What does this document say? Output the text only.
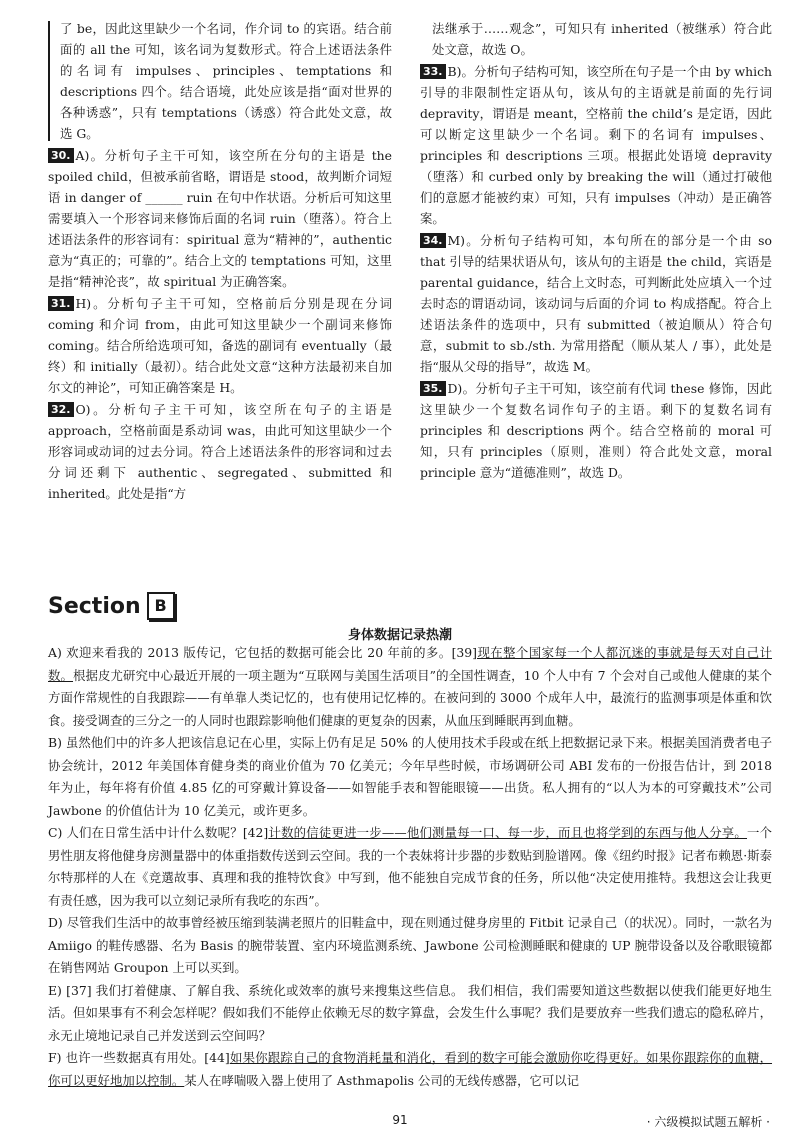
了 be，因此这里缺少一个名词，作介词 to 的宾语。结合前面的 all the 可知，该名词为复数形式。符合上述语法条件的名词有 impulses、principles、temptations 和 descriptions 四个。结合语境，此处应该是指“面对世界的各种诱惑”，只有 temptations（诱惑）符合此处文意，故选 G。

30. A)。分析句子主干可知，该空所在分句的主语是 the spoiled child，但被承前省略，谓语是 stood，故判断介词短语 in danger of ______ ruin 在句中作状语。分析后可知这里需要填入一个形容词来修饰后面的名词 ruin（堕落）。符合上述语法条件的形容词有：spiritual 意为“精神的”，authentic 意为“真正的；可靠的”。结合上文的 temptations 可知，这里是指“精神沦丧”，故 spiritual 为正确答案。

31. H)。分析句子主干可知，空格前后分别是现在分词 coming 和介词 from，由此可知这里缺少一个副词来修饰 coming。结合所给选项可知，备选的副词有 eventually（最终）和 initially（最初）。结合此处文意“这种方法最初来自加尔文的神论”，可知正确答案是 H。

32. O)。分析句子主干可知，该空所在句子的主语是 approach，空格前面是系动词 was，由此可知这里缺少一个形容词或动词的过去分词。符合上述语法条件的形容词和过去分词还剩下 authentic、segregated、submitted 和 inherited。此处是指“方

法继承于……观念”，可知只有 inherited（被继承）符合此处文意，故选 O。

33. B)。分析句子结构可知，该空所在句子是一个由 by which 引导的非限制性定语从句，该从句的主语就是前面的先行词 depravity，谓语是 meant，空格前 the child’s 是定语，因此可以断定这里缺少一个名词。剩下的名词有 impulses、principles 和 descriptions 三项。根据此处语境 depravity（堕落）和 curbed only by breaking the will（通过打破他们的意愿才能被约束）可知，只有 impulses（冲动）是正确答案。

34. M)。分析句子结构可知，本句所在的部分是一个由 so that 引导的结果状语从句，该从句的主语是 the child，宾语是 parental guidance，结合上文时态，可判断此处应填入一个过去时态的谓语动词，该动词与后面的介词 to 构成搭配。符合上述语法条件的选项中，只有 submitted（被迫顺从）符合句意，submit to sb./sth. 为常用搭配（顺从某人 / 事），此处是指“服从父母的指导”，故选 M。

35. D)。分析句子主干可知，该空前有代词 these 修饰，因此这里缺少一个复数名词作句子的主语。剩下的复数名词有 principles 和 descriptions 两个。结合空格前的 moral 可知，只有 principles（原则，准则）符合此处文意，moral principle 意为“道德准则”，故选 D。

Section B
身体数据记录热潮

A) 欢迎来看我的 2013 版传记，它包括的数据可能会比 20 年前的多。[39]现在整个国家每一个人都沉迷的事就是每天对自己计数。根据皮尤研究中心最近开展的一项主题为“互联网与美国生活项目”的全国性调查，10 个人中有 7 个会对自己或他人健康的某个方面作常规性的自我跟踪——有单靠人类记忆的，也有使用记忆棒的。在被问到的 3000 个成年人中，最流行的监测事项是体重和饮食。接受调查的三分之一的人同时也跟踪影响他们健康的更复杂的因素，从血压到睡眠再到血糖。

B) 虽然他们中的许多人把该信息记在心里，实际上仍有足足 50% 的人使用技术手段或在纸上把数据记录下来。根据美国消费者电子协会统计，2012 年美国体育健身类的商业价值为 70 亿美元；今年早些时候，市场调研公司 ABI 发布的一份报告估计，到 2018 年为止，每年将有价值 4.85 亿的可穿戴计算设备——如智能手表和智能眼镜——出货。私人拥有的“以人为本的可穿戴技术”公司 Jawbone 的价值估计为 10 亿美元，或许更多。

C) 人们在日常生活中计什么数呢？[42]计数的信徒更进一步——他们测量每一口、每一步，而且也将学到的东西与他人分享。一个男性朋友将他健身房测量器中的体重指数传送到云空间。我的一个表妹将计步器的步数贴到脸谱网。像《纽约时报》记者布赖恩·斯泰尔特那样的人在《竞選故事、真理和我的推特饮食》中写到，他不能独自完成节食的任务，所以他“决定使用推特。我想这会让我更有责任感，因为我可以立刻记录所有我吃的东西”。

D) 尽管我们生活中的故事曾经被压缩到装满老照片的旧鞋盒中，现在则通过健身房里的 Fitbit 记录自己（的状况）。同时，一款名为 Amiigo 的鞋传感器、名为 Basis 的腕带装置、室内环境监测系统、Jawbone 公司检测睡眠和健康的 UP 腕带设备以及谷歌眼镜都在销售网站 Groupon 上可以买到。

E) [37] 我们打着健康、了解自我、系统化或效率的旗号来搜集这些信息。 我们相信，我们需要知道这些数据以使我们能更好地生活。但如果事有不利会怎样呢？假如我们不能停止依赖无尽的数字算盘，会发生什么事呢？我们是要放弃一些我们遗忘的隐私碎片，永无止境地记录自己并发送到云空间吗？

F) 也许一些数据真有用处。[44]如果你跟踪自己的食物消耗量和消化，看到的数字可能会激励你吃得更好。如果你跟踪你的血糖，你可以更好地加以控制。某人在哮喘吸入器上使用了 Asthmapolis 公司的无线传感器，它可以记

91	· 六级模拟试题五解析 ·
